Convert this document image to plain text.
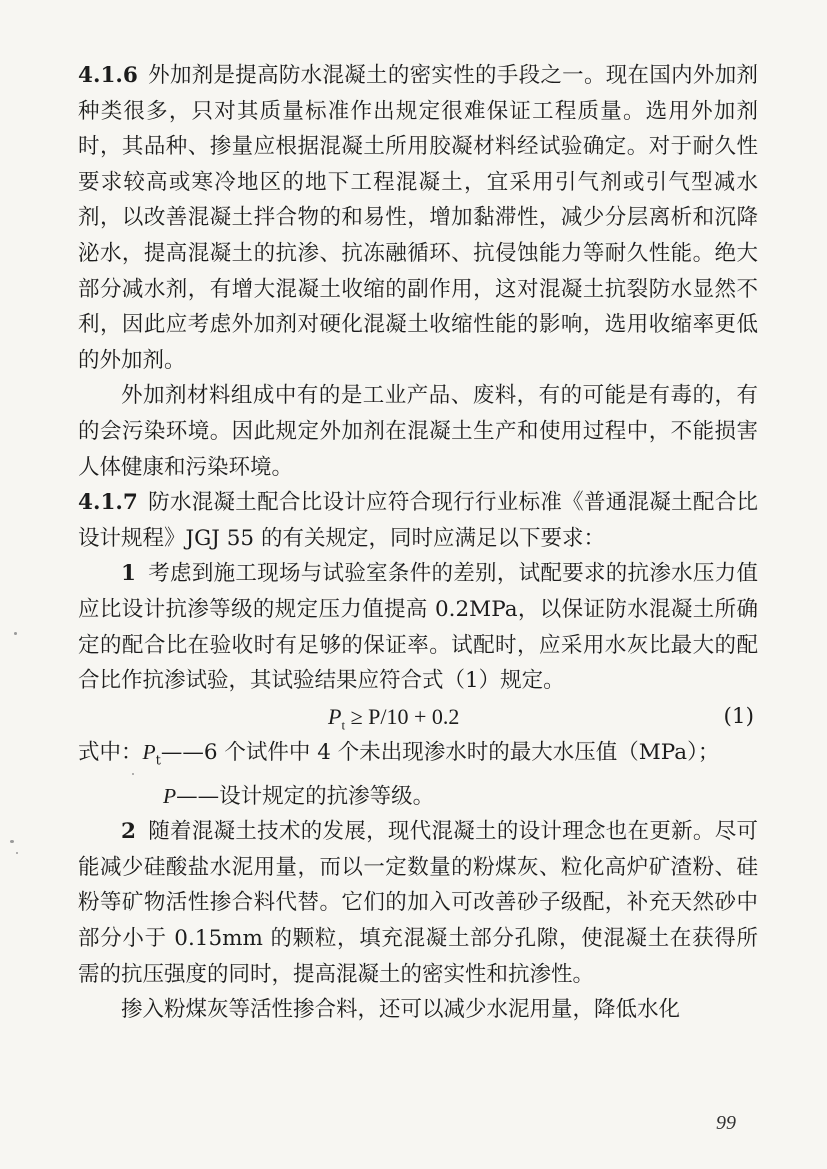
4.1.6 外加剂是提高防水混凝土的密实性的手段之一。现在国内外加剂种类很多，只对其质量标准作出规定很难保证工程质量。选用外加剂时，其品种、掺量应根据混凝土所用胶凝材料经试验确定。对于耐久性要求较高或寒冷地区的地下工程混凝土，宜采用引气剂或引气型减水剂，以改善混凝土拌合物的和易性，增加黏滞性，减少分层离析和沉降泌水，提高混凝土的抗渗、抗冻融循环、抗侵蚀能力等耐久性能。绝大部分减水剂，有增大混凝土收缩的副作用，这对混凝土抗裂防水显然不利，因此应考虑外加剂对硬化混凝土收缩性能的影响，选用收缩率更低的外加剂。

外加剂材料组成中有的是工业产品、废料，有的可能是有毒的，有的会污染环境。因此规定外加剂在混凝土生产和使用过程中，不能损害人体健康和污染环境。

4.1.7 防水混凝土配合比设计应符合现行行业标准《普通混凝土配合比设计规程》JGJ 55 的有关规定，同时应满足以下要求：

1 考虑到施工现场与试验室条件的差别，试配要求的抗渗水压力值应比设计抗渗等级的规定压力值提高 0.2MPa，以保证防水混凝土所确定的配合比在验收时有足够的保证率。试配时，应采用水灰比最大的配合比作抗渗试验，其试验结果应符合式（1）规定。

$P_t \ge P/10 + 0.2$	(1)

式中：$P_t——6$ 个试件中 4 个未出现渗水时的最大水压值（MPa）；

P——设计规定的抗渗等级。

2 随着混凝土技术的发展，现代混凝土的设计理念也在更新。尽可能减少硅酸盐水泥用量，而以一定数量的粉煤灰、粒化高炉矿渣粉、硅粉等矿物活性掺合料代替。它们的加入可改善砂子级配，补充天然砂中部分小于 0.15mm 的颗粒，填充混凝土部分孔隙，使混凝土在获得所需的抗压强度的同时，提高混凝土的密实性和抗渗性。

掺入粉煤灰等活性掺合料，还可以减少水泥用量，降低水化

99
